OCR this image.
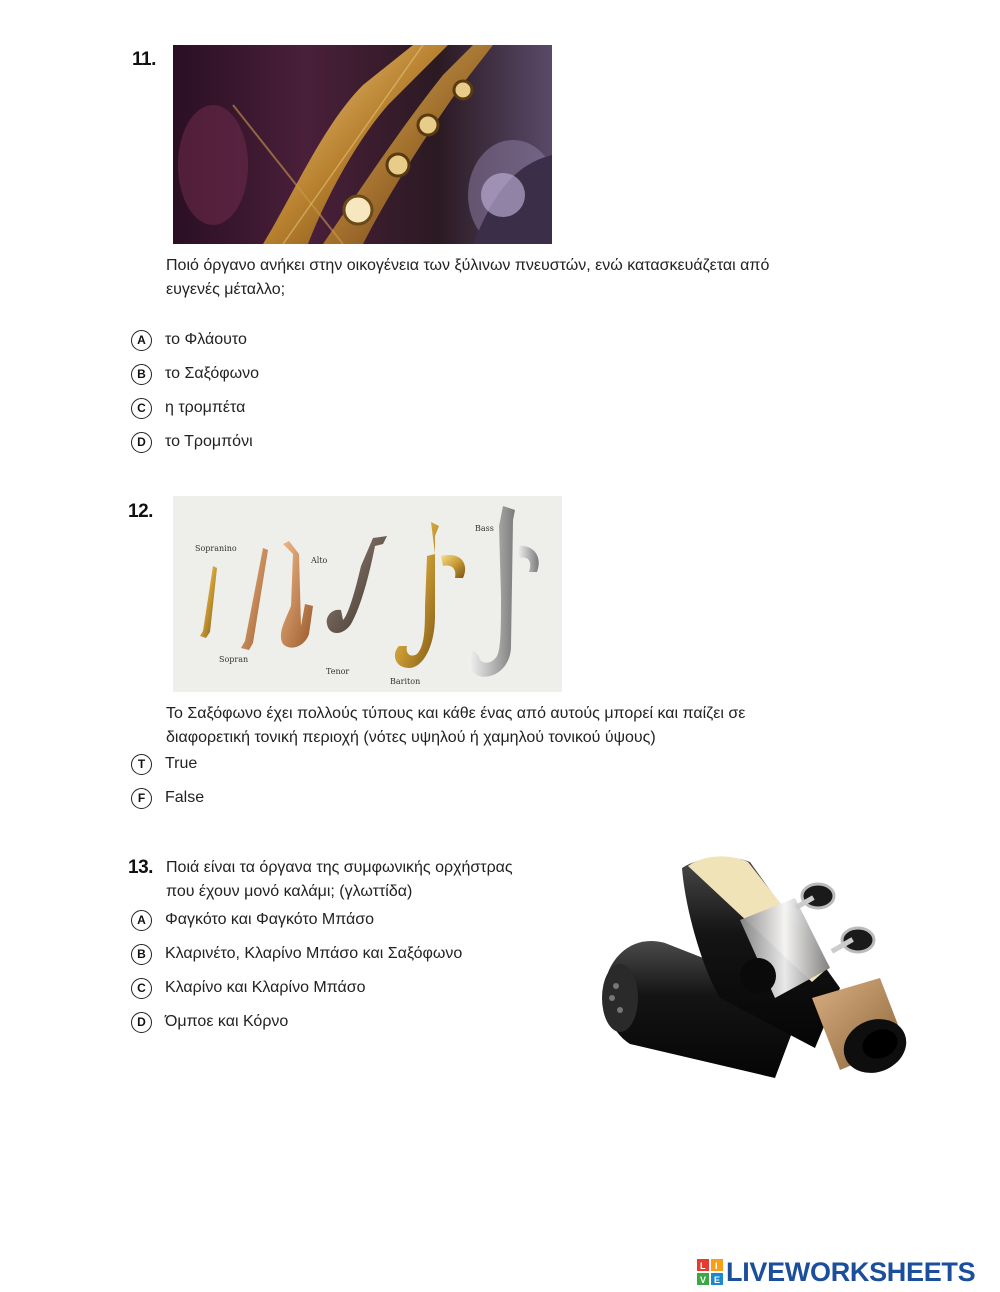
11.
Ποιό όργανο ανήκει στην οικογένεια των ξύλινων πνευστών, ενώ κατασκευάζεται από
ευγενές μέταλλο;
A	το Φλάουτο
B	το Σαξόφωνο
C	η τρομπέτα
D	το Τρομπόνι
12.
Sopranino
Sopran
Alto
Tenor
Bariton
Bass
Το Σαξόφωνο έχει πολλούς τύπους και κάθε ένας από αυτούς μπορεί και παίζει σε
διαφορετική τονική περιοχή (νότες υψηλού ή χαμηλού τονικού ύψους)
T	True
F	False
13. Ποιά είναι τα όργανα της συμφωνικής ορχήστρας
που έχουν μονό καλάμι; (γλωττίδα)
A	Φαγκότο και Φαγκότο Μπάσο
B	Κλαρινέτο, Κλαρίνο Μπάσο και Σαξόφωνο
C	Κλαρίνο και Κλαρίνο Μπάσο
D	Όμποε και Κόρνο
L I
V E LIVEWORKSHEETS
